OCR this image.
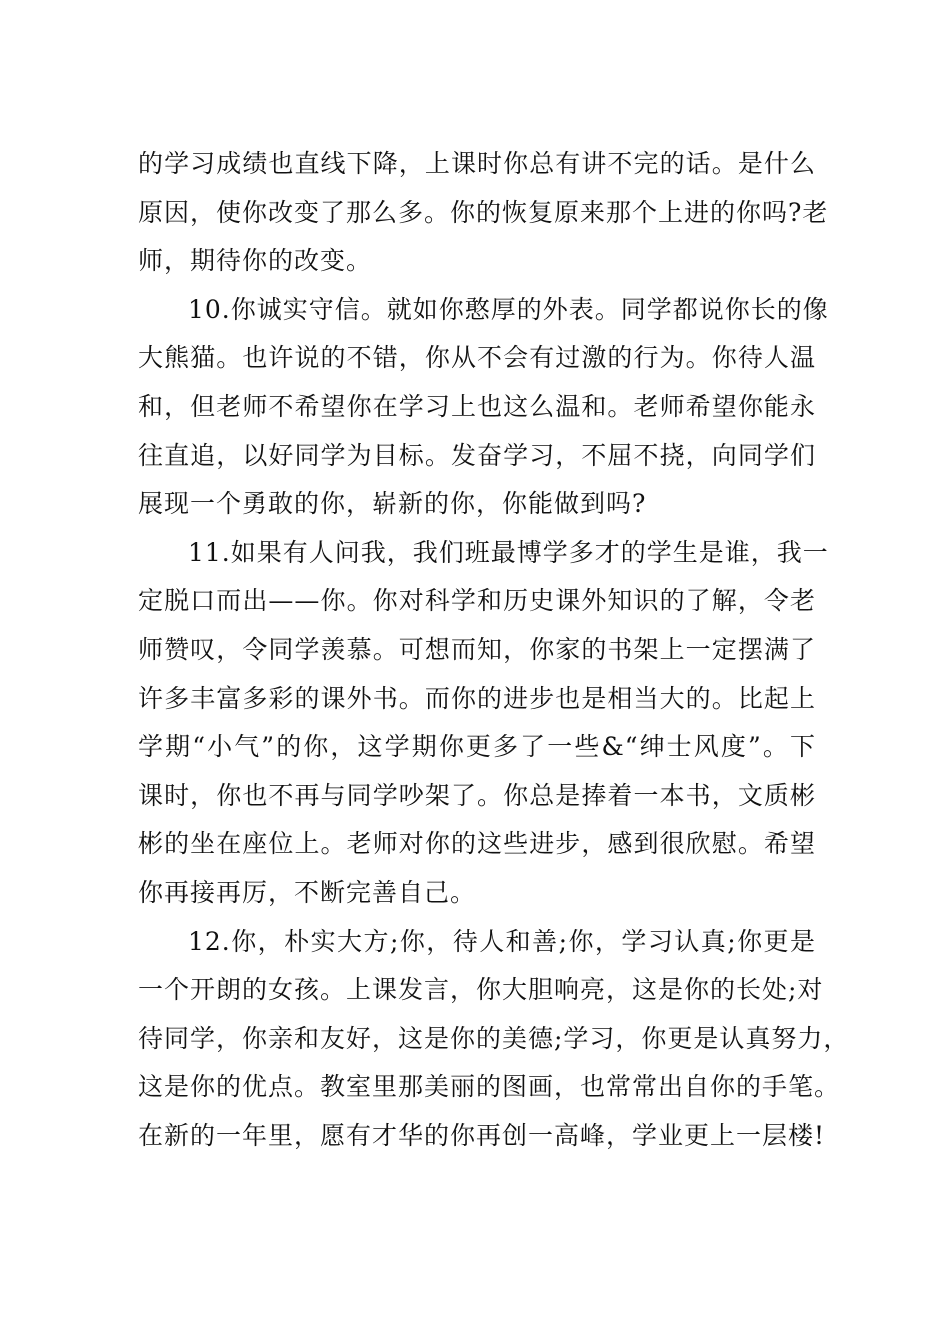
的学习成绩也直线下降，上课时你总有讲不完的话。是什么
原因，使你改变了那么多。你的恢复原来那个上进的你吗?老
师，期待你的改变。
10.你诚实守信。就如你憨厚的外表。同学都说你长的像
大熊猫。也许说的不错，你从不会有过激的行为。你待人温
和，但老师不希望你在学习上也这么温和。老师希望你能永
往直追，以好同学为目标。发奋学习，不屈不挠，向同学们
展现一个勇敢的你，崭新的你，你能做到吗?
11.如果有人问我，我们班最博学多才的学生是谁，我一
定脱口而出——你。你对科学和历史课外知识的了解，令老
师赞叹，令同学羡慕。可想而知，你家的书架上一定摆满了
许多丰富多彩的课外书。而你的进步也是相当大的。比起上
学期“小气”的你，这学期你更多了一些&“绅士风度”。下
课时，你也不再与同学吵架了。你总是捧着一本书，文质彬
彬的坐在座位上。老师对你的这些进步，感到很欣慰。希望
你再接再厉，不断完善自己。
12.你，朴实大方;你，待人和善;你，学习认真;你更是
一个开朗的女孩。上课发言，你大胆响亮，这是你的长处;对
待同学，你亲和友好，这是你的美德;学习，你更是认真努力，
这是你的优点。教室里那美丽的图画，也常常出自你的手笔。
在新的一年里，愿有才华的你再创一高峰，学业更上一层楼!
